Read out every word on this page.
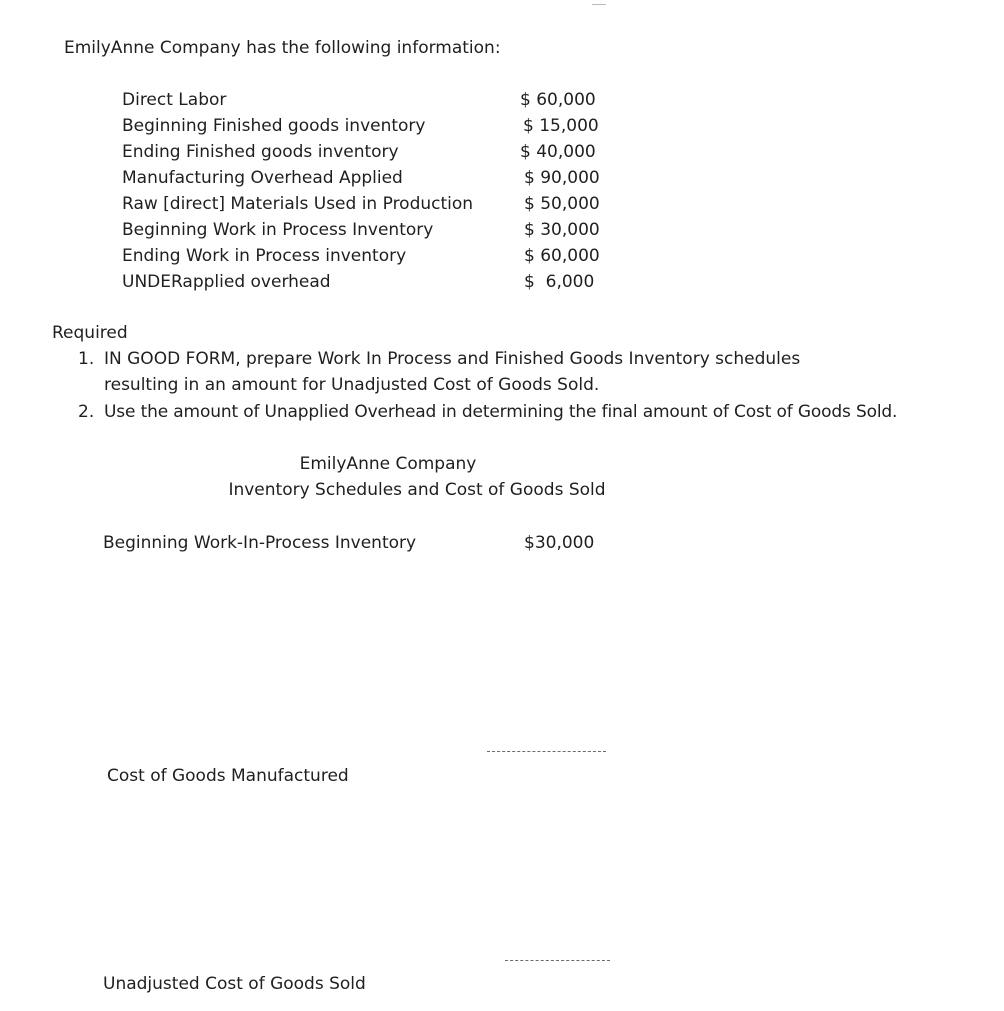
EmilyAnne Company has the following information:
Direct Labor	$ 60,000
Beginning Finished goods inventory	$ 15,000
Ending Finished goods inventory	$ 40,000
Manufacturing Overhead Applied	$ 90,000
Raw [direct] Materials Used in Production	$ 50,000
Beginning Work in Process Inventory	$ 30,000
Ending Work in Process inventory	$ 60,000
UNDERapplied overhead	$  6,000
Required
1. IN GOOD FORM, prepare Work In Process and Finished Goods Inventory schedules
resulting in an amount for Unadjusted Cost of Goods Sold.
2. Use the amount of Unapplied Overhead in determining the final amount of Cost of Goods Sold.
EmilyAnne Company
Inventory Schedules and Cost of Goods Sold
Beginning Work-In-Process Inventory	$30,000
Cost of Goods Manufactured
Unadjusted Cost of Goods Sold
